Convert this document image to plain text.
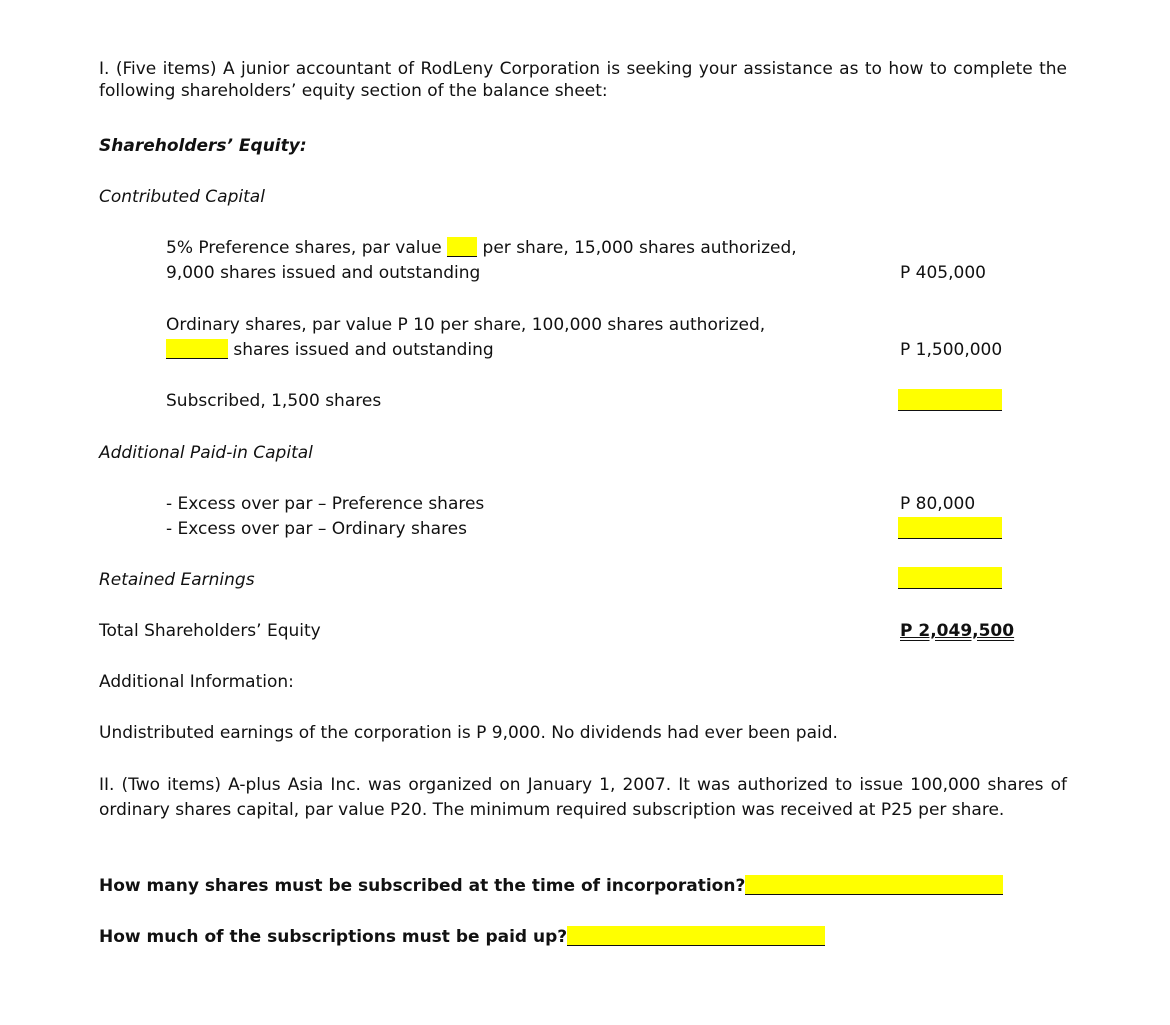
I. (Five items) A junior accountant of RodLeny Corporation is seeking your assistance as to how to complete the following shareholders’ equity section of the balance sheet:
Shareholders’ Equity:
Contributed Capital
5% Preference shares, par value per share, 15,000 shares authorized,
9,000 shares issued and outstanding	P 405,000
Ordinary shares, par value P 10 per share, 100,000 shares authorized,
shares issued and outstanding	P 1,500,000
Subscribed, 1,500 shares
Additional Paid-in Capital
- Excess over par – Preference shares	P 80,000
- Excess over par – Ordinary shares
Retained Earnings
Total Shareholders’ Equity	P 2,049,500
Additional Information:
Undistributed earnings of the corporation is P 9,000. No dividends had ever been paid.
II. (Two items) A-plus Asia Inc. was organized on January 1, 2007. It was authorized to issue 100,000 shares of ordinary shares capital, par value P20. The minimum required subscription was received at P25 per share.
How many shares must be subscribed at the time of incorporation?
How much of the subscriptions must be paid up?
